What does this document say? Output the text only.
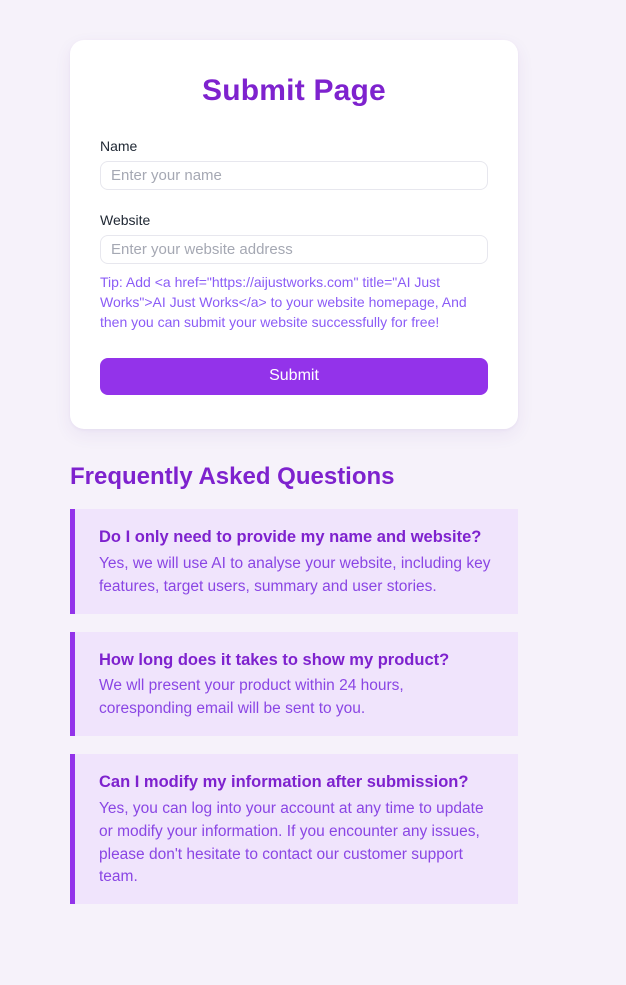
Submit Page
Name
Enter your name
Website
Enter your website address

Tip: Add <a href="https://aijustworks.com" title="AI Just Works">AI Just Works</a> to your website homepage, And then you can submit your website successfully for free!

Submit
Frequently Asked Questions

Do I only need to provide my name and website?

Yes, we will use AI to analyse your website, including key features, target users, summary and user stories.

How long does it takes to show my product?

We wll present your product within 24 hours, coresponding email will be sent to you.

Can I modify my information after submission?

Yes, you can log into your account at any time to update or modify your information. If you encounter any issues, please don't hesitate to contact our customer support team.
